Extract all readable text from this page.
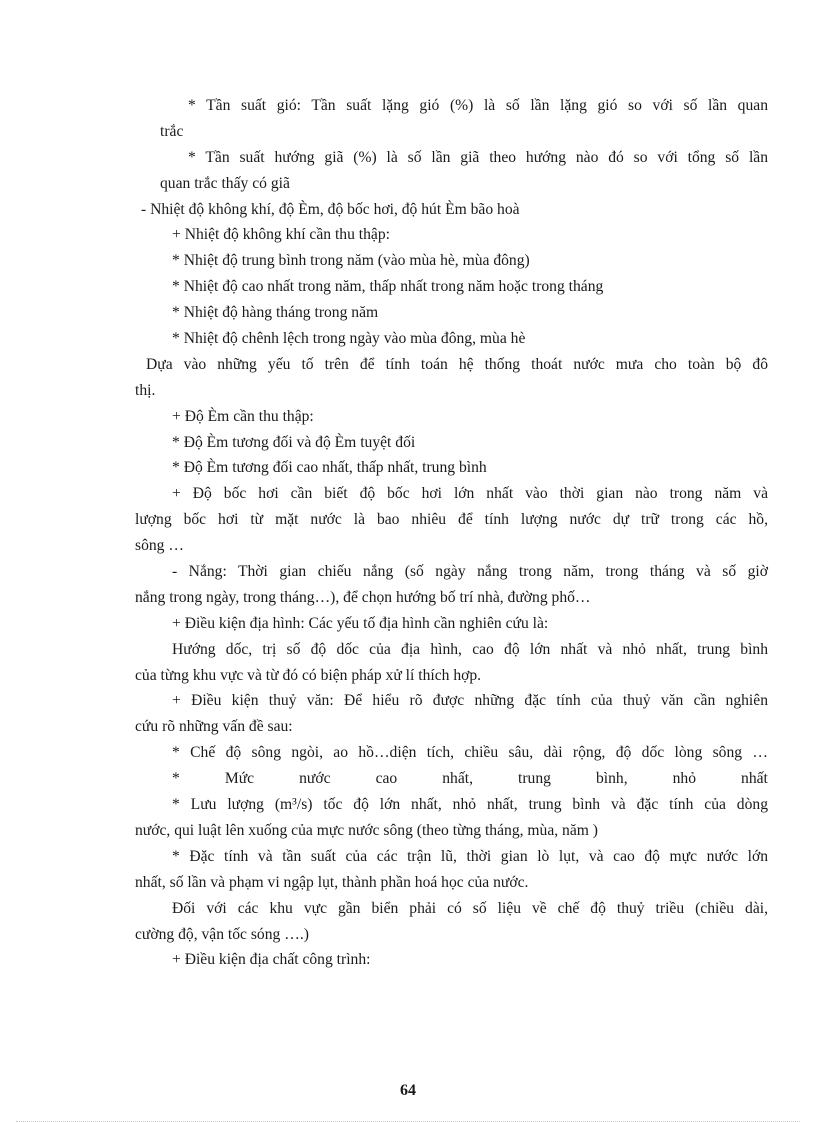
* Tần suất gió: Tần suất lặng gió (%) là số lần lặng gió so với số lần quan
trắc
* Tần suất hướng giã (%) là số lần giã theo hướng nào đó so với tổng số lần
quan trắc thấy có giã
- Nhiệt độ không khí, độ Èm, độ bốc hơi, độ hút Èm bão hoà
+ Nhiệt độ không khí cần thu thập:
* Nhiệt độ trung bình trong năm (vào mùa hè, mùa đông)
* Nhiệt độ cao nhất trong năm, thấp nhất trong năm hoặc trong tháng
* Nhiệt độ hàng tháng trong năm
* Nhiệt độ chênh lệch trong ngày vào mùa đông, mùa hè
Dựa vào những yếu tố trên để tính toán hệ thống thoát nước mưa cho toàn bộ đô
thị.
+ Độ Èm cần thu thập:
* Độ Èm tương đối và độ Èm tuyệt đối
* Độ Èm tương đối cao nhất, thấp nhất, trung bình
+ Độ bốc hơi cần biết độ bốc hơi lớn nhất vào thời gian nào trong năm và
lượng bốc hơi từ mặt nước là bao nhiêu để tính lượng nước dự trữ trong các hồ,
sông …
- Nắng: Thời gian chiếu nắng (số ngày nắng trong năm, trong tháng và số giờ
nắng trong ngày, trong tháng…), để chọn hướng bố trí nhà, đường phố…
+ Điều kiện địa hình: Các yếu tố địa hình cần nghiên cứu là:
Hướng dốc, trị số độ dốc của địa hình, cao độ lớn nhất và nhỏ nhất, trung bình
của từng khu vực và từ đó có biện pháp xử lí thích hợp.
+ Điều kiện thuỷ văn: Để hiểu rõ được những đặc tính của thuỷ văn cần nghiên
cứu rõ những vấn đề sau:
* Chế độ sông ngòi, ao hồ…diện tích, chiều sâu, dài rộng, độ dốc lòng sông …
*	Mức	nước	cao	nhất,	trung	bình,	nhỏ	nhất
* Lưu lượng (m³/s) tốc độ lớn nhất, nhỏ nhất, trung bình và đặc tính của dòng
nước, qui luật lên xuống của mực nước sông (theo từng tháng, mùa, năm )
* Đặc tính và tần suất của các trận lũ, thời gian lò lụt, và cao độ mực nước lớn
nhất, số lần và phạm vi ngập lụt, thành phần hoá học của nước.
Đối với các khu vực gần biển phải có số liệu về chế độ thuỷ triều (chiều dài,
cường độ, vận tốc sóng ….)
+ Điều kiện địa chất công trình:
64
